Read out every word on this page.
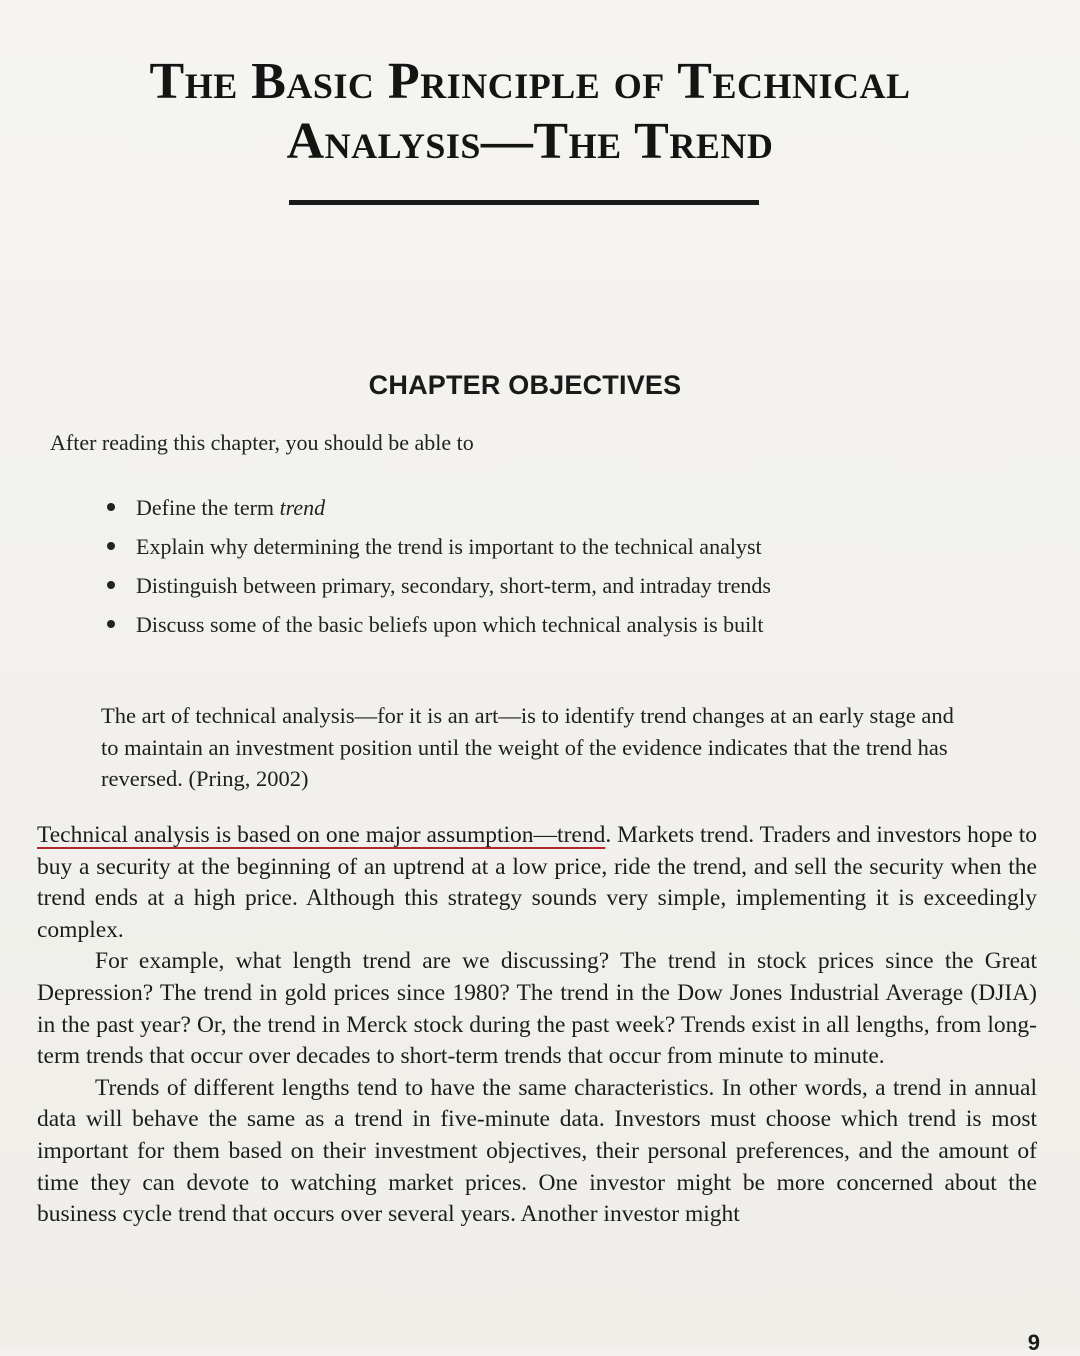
The Basic Principle of Technical
Analysis—The Trend
CHAPTER OBJECTIVES
After reading this chapter, you should be able to
Define the term trend
Explain why determining the trend is important to the technical analyst
Distinguish between primary, secondary, short-term, and intraday trends
Discuss some of the basic beliefs upon which technical analysis is built
The art of technical analysis—for it is an art—is to identify trend changes at an early stage and to maintain an investment position until the weight of the evidence indicates that the trend has reversed. (Pring, 2002)

Technical analysis is based on one major assumption—trend. Markets trend. Traders and investors hope to buy a security at the beginning of an uptrend at a low price, ride the trend, and sell the security when the trend ends at a high price. Although this strategy sounds very simple, implementing it is exceedingly complex.

For example, what length trend are we discussing? The trend in stock prices since the Great Depression? The trend in gold prices since 1980? The trend in the Dow Jones Industrial Average (DJIA) in the past year? Or, the trend in Merck stock during the past week? Trends exist in all lengths, from long-term trends that occur over decades to short-term trends that occur from minute to minute.

Trends of different lengths tend to have the same characteristics. In other words, a trend in annual data will behave the same as a trend in five-minute data. Investors must choose which trend is most important for them based on their investment objectives, their personal preferences, and the amount of time they can devote to watching market prices. One investor might be more concerned about the business cycle trend that occurs over several years. Another investor might

9
